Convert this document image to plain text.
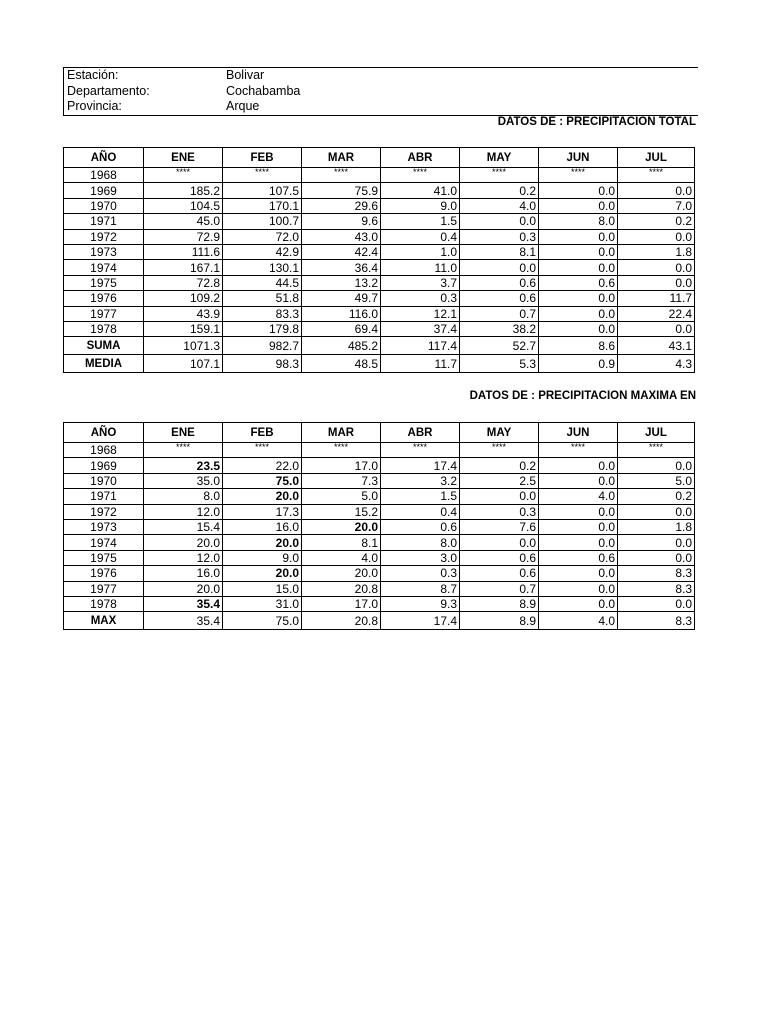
Estación:	Bolivar
Departamento:	Cochabamba
Provincia:	Arque
DATOS DE : PRECIPITACIÓN TOTAL
AÑO	ENE	FEB	MAR	ABR	MAY	JUN	JUL
1968	****	****	****	****	****	****	****
1969	185.2	107.5	75.9	41.0	0.2	0.0	0.0
1970	104.5	170.1	29.6	9.0	4.0	0.0	7.0
1971	45.0	100.7	9.6	1.5	0.0	8.0	0.2
1972	72.9	72.0	43.0	0.4	0.3	0.0	0.0
1973	111.6	42.9	42.4	1.0	8.1	0.0	1.8
1974	167.1	130.1	36.4	11.0	0.0	0.0	0.0
1975	72.8	44.5	13.2	3.7	0.6	0.6	0.0
1976	109.2	51.8	49.7	0.3	0.6	0.0	11.7
1977	43.9	83.3	116.0	12.1	0.7	0.0	22.4
1978	159.1	179.8	69.4	37.4	38.2	0.0	0.0
SUMA	1071.3	982.7	485.2	117.4	52.7	8.6	43.1
MEDIA	107.1	98.3	48.5	11.7	5.3	0.9	4.3
DATOS DE : PRECIPITACIÓN MÁXIMA EN
AÑO	ENE	FEB	MAR	ABR	MAY	JUN	JUL
1968	****	****	****	****	****	****	****
1969	23.5	22.0	17.0	17.4	0.2	0.0	0.0
1970	35.0	75.0	7.3	3.2	2.5	0.0	5.0
1971	8.0	20.0	5.0	1.5	0.0	4.0	0.2
1972	12.0	17.3	15.2	0.4	0.3	0.0	0.0
1973	15.4	16.0	20.0	0.6	7.6	0.0	1.8
1974	20.0	20.0	8.1	8.0	0.0	0.0	0.0
1975	12.0	9.0	4.0	3.0	0.6	0.6	0.0
1976	16.0	20.0	20.0	0.3	0.6	0.0	8.3
1977	20.0	15.0	20.8	8.7	0.7	0.0	8.3
1978	35.4	31.0	17.0	9.3	8.9	0.0	0.0
MAX	35.4	75.0	20.8	17.4	8.9	4.0	8.3
